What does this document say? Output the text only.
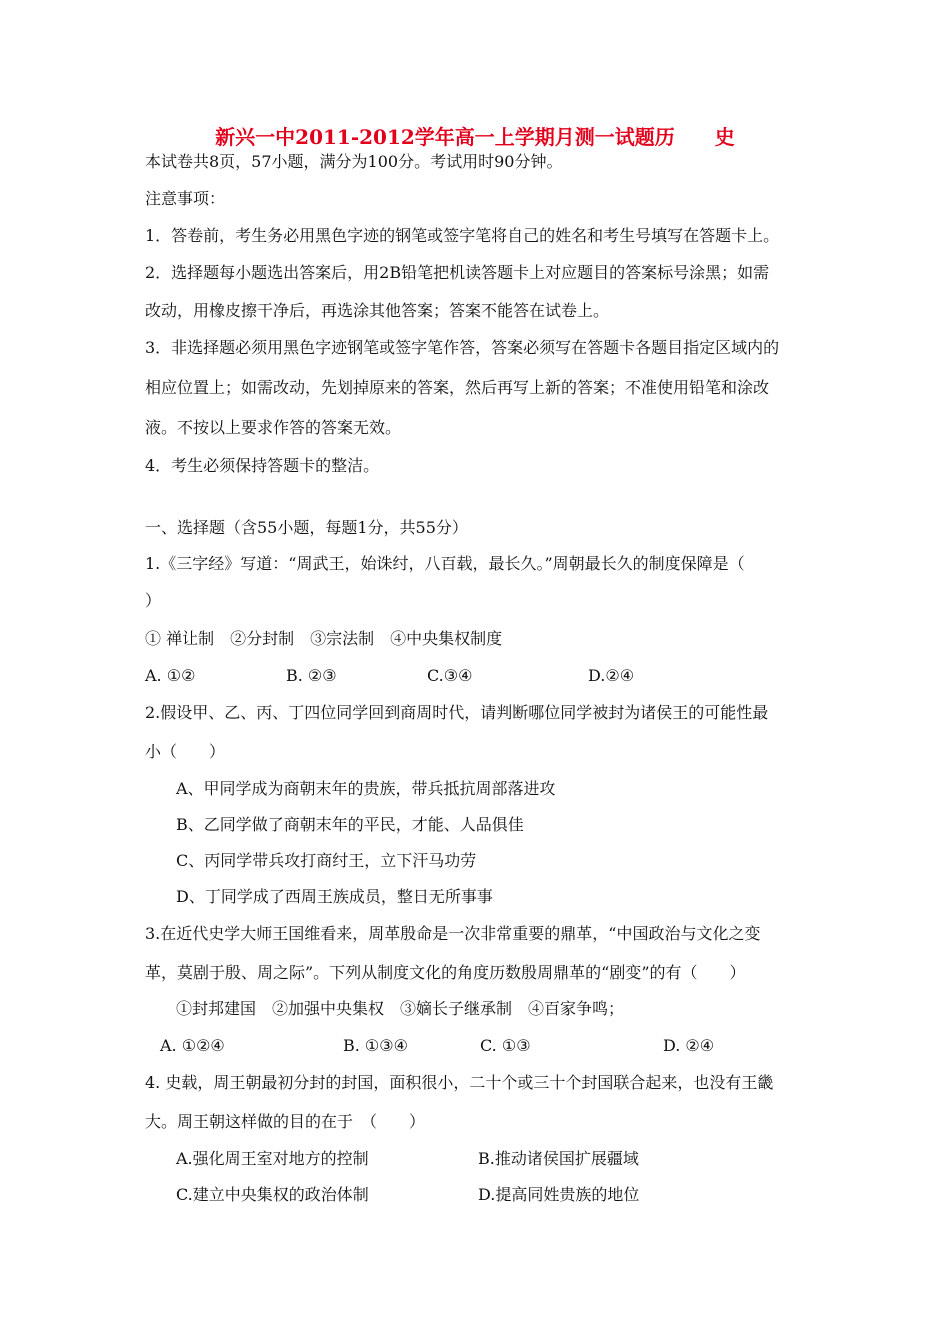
新兴一中2011-2012学年高一上学期月测一试题历　　史
本试卷共8页，57小题，满分为100分。考试用时90分钟。
注意事项：
1．答卷前，考生务必用黑色字迹的钢笔或签字笔将自己的姓名和考生号填写在答题卡上。
2．选择题每小题选出答案后，用2B铅笔把机读答题卡上对应题目的答案标号涂黑；如需
改动，用橡皮擦干净后，再选涂其他答案；答案不能答在试卷上。
3．非选择题必须用黑色字迹钢笔或签字笔作答，答案必须写在答题卡各题目指定区域内的
相应位置上；如需改动，先划掉原来的答案，然后再写上新的答案；不准使用铅笔和涂改
液。不按以上要求作答的答案无效。
4．考生必须保持答题卡的整洁。
一、选择题（含55小题，每题1分，共55分）
1.《三字经》写道：“周武王，始诛纣，八百载，最长久。”周朝最长久的制度保障是（
）
① 禅让制　②分封制　③宗法制　④中央集权制度
A. ①②	B. ②③	C.③④	D.②④
2.假设甲、乙、丙、丁四位同学回到商周时代，请判断哪位同学被封为诸侯王的可能性最
小（　　）
A、甲同学成为商朝末年的贵族，带兵抵抗周部落进攻
B、乙同学做了商朝末年的平民，才能、人品俱佳
C、丙同学带兵攻打商纣王，立下汗马功劳
D、丁同学成了西周王族成员，整日无所事事
3.在近代史学大师王国维看来，周革殷命是一次非常重要的鼎革，“中国政治与文化之变
革，莫剧于殷、周之际”。下列从制度文化的角度历数殷周鼎革的“剧变”的有（　　）
①封邦建国　②加强中央集权　③嫡长子继承制　④百家争鸣；
A. ①②④	B. ①③④	C. ①③	D. ②④
4. 史载，周王朝最初分封的封国，面积很小，二十个或三十个封国联合起来，也没有王畿
大。周王朝这样做的目的在于　（　　）
A.强化周王室对地方的控制	B.推动诸侯国扩展疆域
C.建立中央集权的政治体制	D.提高同姓贵族的地位
